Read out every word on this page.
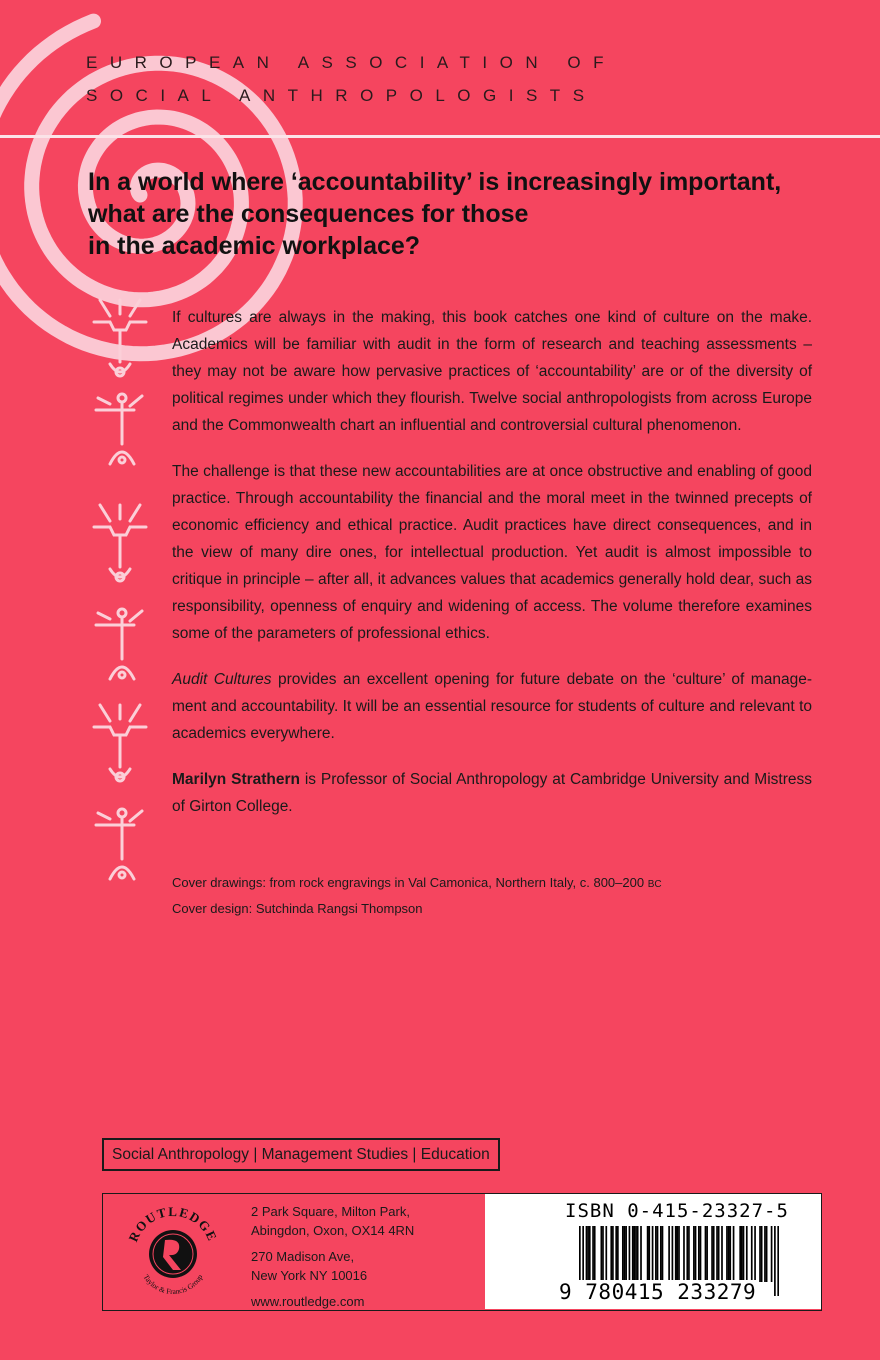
EUROPEAN ASSOCIATION OF
SOCIAL ANTHROPOLOGISTS
In a world where ‘accountability’ is increasingly important,
what are the consequences for those
in the academic workplace?

If cultures are always in the making, this book catches one kind of culture on the make. Academics will be familiar with audit in the form of research and teaching assessments – they may not be aware how pervasive practices of ‘accountability’ are or of the diversity of political regimes under which they flourish. Twelve social anthropologists from across Europe and the Commonwealth chart an influential and controversial cultural phenomenon.

The challenge is that these new accountabilities are at once obstructive and enabling of good practice. Through accountability the financial and the moral meet in the twinned precepts of economic efficiency and ethical practice. Audit practices have direct consequences, and in the view of many dire ones, for intellectual production. Yet audit is almost impossible to critique in principle – after all, it advances values that academics generally hold dear, such as responsibility, openness of enquiry and widening of access. The volume therefore examines some of the parameters of professional ethics.

Audit Cultures provides an excellent opening for future debate on the ‘culture’ of management and accountability. It will be an essential resource for students of culture and relevant to academics everywhere.

Marilyn Strathern is Professor of Social Anthropology at Cambridge University and Mistress of Girton College.

Cover drawings: from rock engravings in Val Camonica, Northern Italy, c. 800–200 BC
Cover design: Sutchinda Rangsi Thompson
Social Anthropology | Management Studies | Education
ROUTLEDGE
Taylor & Francis Group
2 Park Square, Milton Park,
Abingdon, Oxon, OX14 4RN
270 Madison Ave,
New York NY 10016
www.routledge.com
ISBN 0-415-23327-5
9 780415 233279
